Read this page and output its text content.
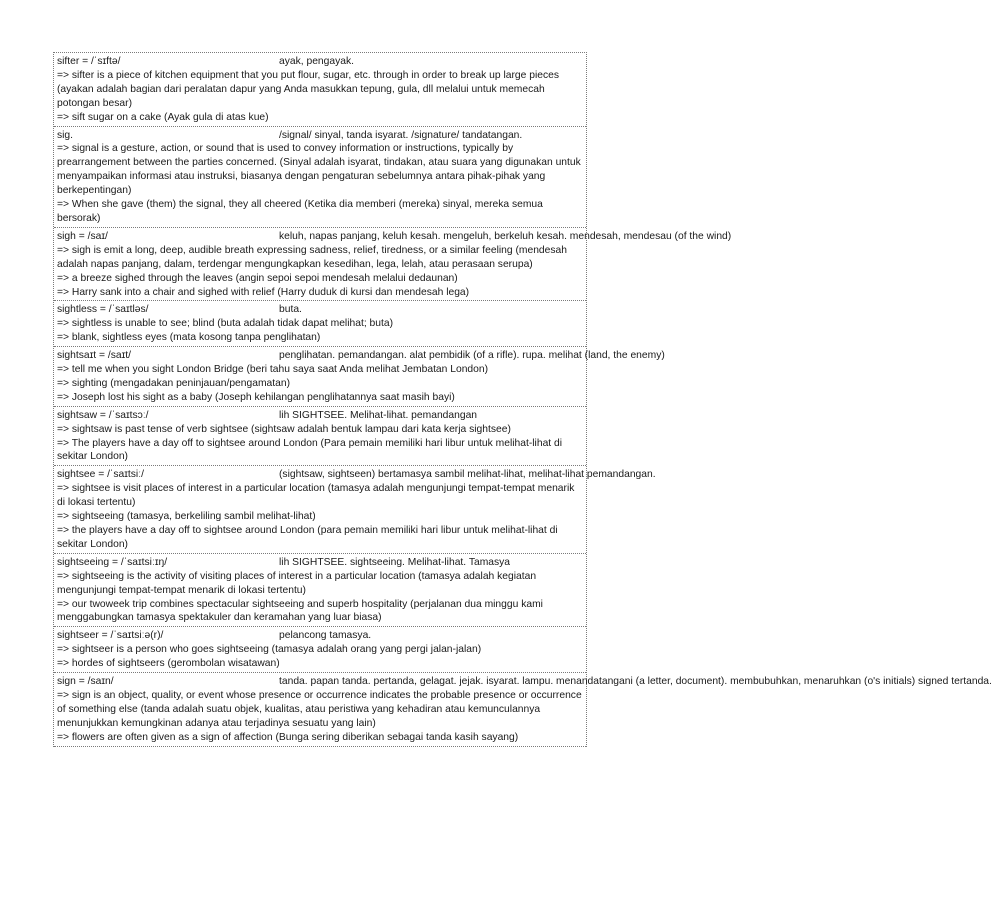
sifter = /ˈsɪftə/	ayak, pengayak.
=> sifter is a piece of kitchen equipment that you put flour, sugar, etc. through in order to break up large pieces (ayakan adalah bagian dari peralatan dapur yang Anda masukkan tepung, gula, dll melalui untuk memecah potongan besar)
=> sift sugar on a cake (Ayak gula di atas kue)
sig.	/signal/ sinyal, tanda isyarat. /signature/ tandatangan.
=> signal is a gesture, action, or sound that is used to convey information or instructions, typically by prearrangement between the parties concerned. (Sinyal adalah isyarat, tindakan, atau suara yang digunakan untuk menyampaikan informasi atau instruksi, biasanya dengan pengaturan sebelumnya antara pihak-pihak yang berkepentingan)
=> When she gave (them) the signal, they all cheered (Ketika dia memberi (mereka) sinyal, mereka semua bersorak)
sigh = /saɪ/	keluh, napas panjang, keluh kesah. mengeluh, berkeluh kesah. mendesah, mendesau (of the wind)
=> sigh is emit a long, deep, audible breath expressing sadness, relief, tiredness, or a similar feeling (mendesah adalah napas panjang, dalam, terdengar mengungkapkan kesedihan, lega, lelah, atau perasaan serupa)
=> a breeze sighed through the leaves (angin sepoi sepoi mendesah melalui dedaunan)
=> Harry sank into a chair and sighed with relief (Harry duduk di kursi dan mendesah lega)
sightless = /ˈsaɪtləs/	buta.
=> sightless is unable to see; blind (buta adalah tidak dapat melihat; buta)
=> blank, sightless eyes (mata kosong tanpa penglihatan)
sightsaɪt = /saɪt/	penglihatan. pemandangan. alat pembidik (of a rifle). rupa. melihat (land, the enemy)
=> tell me when you sight London Bridge (beri tahu saya saat Anda melihat Jembatan London)
=> sighting (mengadakan peninjauan/pengamatan)
=> Joseph lost his sight as a baby (Joseph kehilangan penglihatannya saat masih bayi)
sightsaw = /ˈsaɪtsɔː/	lih SIGHTSEE. Melihat-lihat. pemandangan
=> sightsaw is past tense of verb sightsee (sightsaw adalah bentuk lampau dari kata kerja sightsee)
=> The players have a day off to sightsee around London (Para pemain memiliki hari libur untuk melihat-lihat di sekitar London)
sightsee = /ˈsaɪtsiː/	(sightsaw, sightseen) bertamasya sambil melihat-lihat, melihat-lihat pemandangan.
=> sightsee is visit places of interest in a particular location (tamasya adalah mengunjungi tempat-tempat menarik di lokasi tertentu)
=> sightseeing (tamasya, berkeliling sambil melihat-lihat)
=> the players have a day off to sightsee around London (para pemain memiliki hari libur untuk melihat-lihat di sekitar London)
sightseeing = /ˈsaɪtsiːɪŋ/	lih SIGHTSEE. sightseeing. Melihat-lihat. Tamasya
=> sightseeing is the activity of visiting places of interest in a particular location (tamasya adalah kegiatan mengunjungi tempat-tempat menarik di lokasi tertentu)
=> our twoweek trip combines spectacular sightseeing and superb hospitality (perjalanan dua minggu kami menggabungkan tamasya spektakuler dan keramahan yang luar biasa)
sightseer = /ˈsaɪtsiːə(r)/	pelancong tamasya.
=> sightseer is a person who goes sightseeing (tamasya adalah orang yang pergi jalan-jalan)
=> hordes of sightseers (gerombolan wisatawan)
sign = /saɪn/	tanda. papan tanda. pertanda, gelagat. jejak. isyarat. lampu. menandatangani (a letter, document). membubuhkan, menaruhkan (o's initials) signed tertanda.
=> sign is an object, quality, or event whose presence or occurrence indicates the probable presence or occurrence of something else (tanda adalah suatu objek, kualitas, atau peristiwa yang kehadiran atau kemunculannya menunjukkan kemungkinan adanya atau terjadinya sesuatu yang lain)
=> flowers are often given as a sign of affection (Bunga sering diberikan sebagai tanda kasih sayang)
